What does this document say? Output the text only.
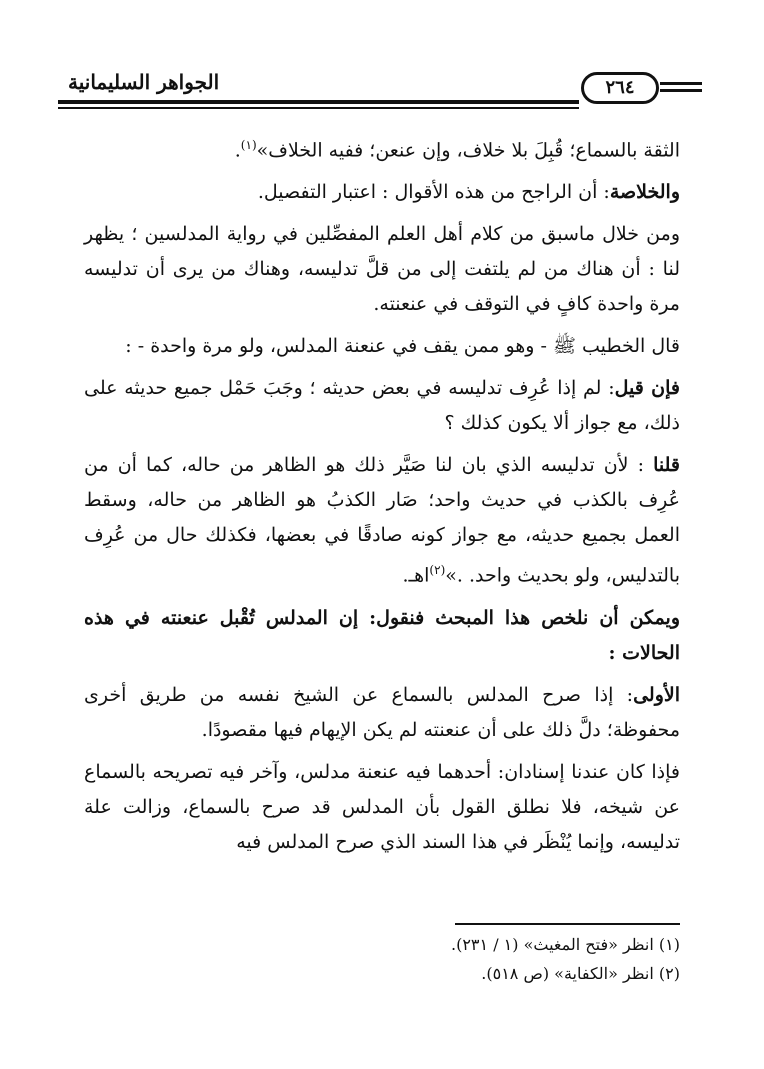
الجواهر السليمانية	٢٦٤

الثقة بالسماع؛ قُبِلَ بلا خلاف، وإن عنعن؛ ففيه الخلاف»$^{(١)}$.

والخلاصة: أن الراجح من هذه الأقوال : اعتبار التفصيل.

ومن خلال ماسبق من كلام أهل العلم المفصِّلين في رواية المدلسين ؛ يظهر لنا : أن هناك من لم يلتفت إلى من قلَّ تدليسه، وهناك من يرى أن تدليسه مرة واحدة كافٍ في التوقف في عنعنته.

قال الخطيب ﷺ - وهو ممن يقف في عنعنة المدلس، ولو مرة واحدة - :

فإن قيل: لم إذا عُرِف تدليسه في بعض حديثه ؛ وجَبَ حَمْل جميع حديثه على ذلك، مع جواز ألا يكون كذلك ؟

قلنا : لأن تدليسه الذي بان لنا صَيَّر ذلك هو الظاهر من حاله، كما أن من عُرِف بالكذب في حديث واحد؛ صَار الكذبُ هو الظاهر من حاله، وسقط العمل بجميع حديثه، مع جواز كونه صادقًا في بعضها، فكذلك حال من عُرِف بالتدليس، ولو بحديث واحد. .»$^{(٢)}$اهـ.

ويمكن أن نلخص هذا المبحث فنقول: إن المدلس تُقْبل عنعنته في هذه الحالات :

الأولى: إذا صرح المدلس بالسماع عن الشيخ نفسه من طريق أخرى محفوظة؛ دلَّ ذلك على أن عنعنته لم يكن الإيهام فيها مقصودًا.

فإذا كان عندنا إسنادان: أحدهما فيه عنعنة مدلس، وآخر فيه تصريحه بالسماع عن شيخه، فلا نطلق القول بأن المدلس قد صرح بالسماع، وزالت علة تدليسه، وإنما يُنْظَر في هذا السند الذي صرح المدلس فيه

(١) انظر «فتح المغيث» (١ / ٢٣١).
(٢) انظر «الكفاية» (ص ٥١٨).
